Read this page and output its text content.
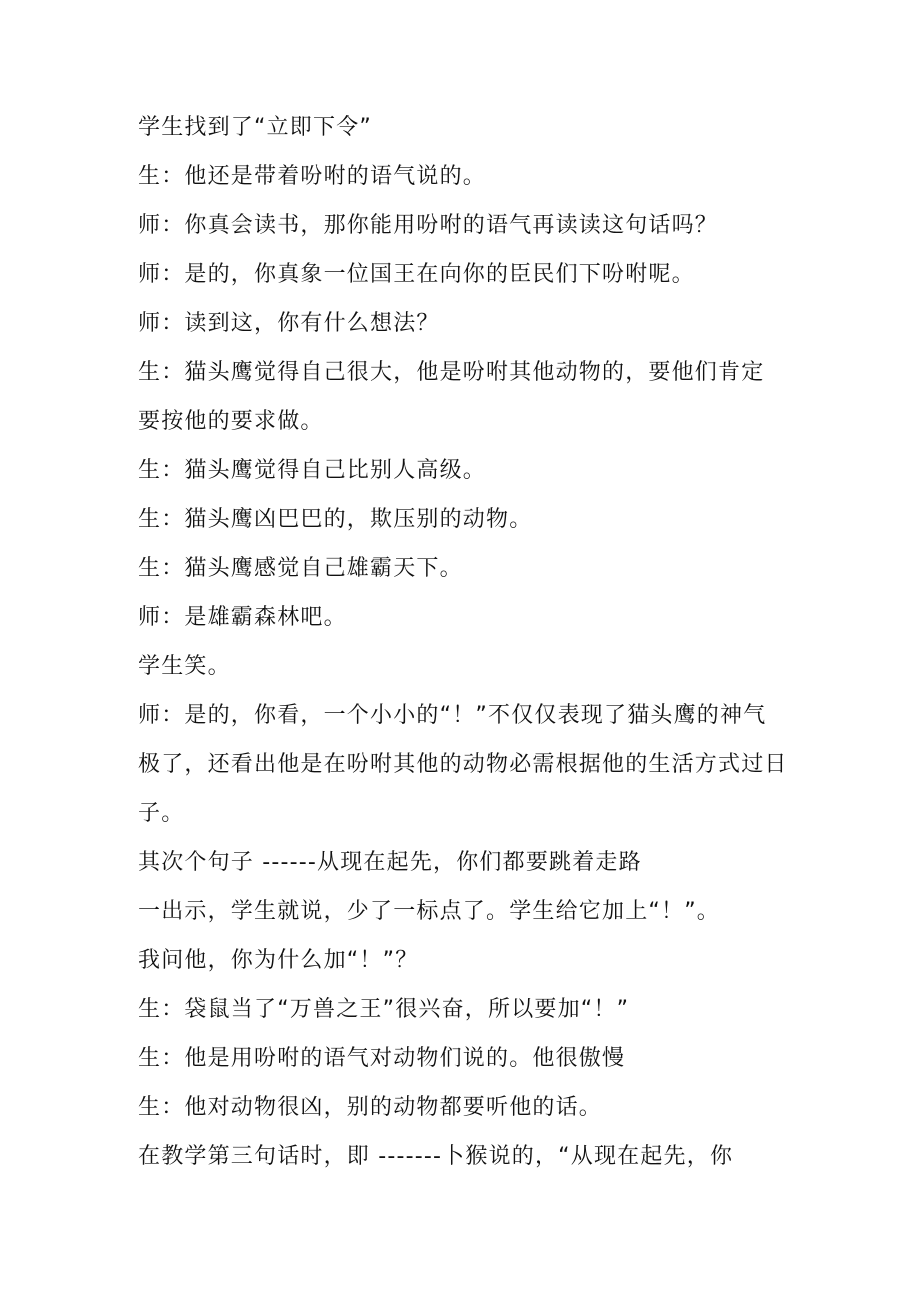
学生找到了“立即下令”
生：他还是带着吩咐的语气说的。
师：你真会读书，那你能用吩咐的语气再读读这句话吗？
师：是的，你真象一位国王在向你的臣民们下吩咐呢。
师：读到这，你有什么想法？
生：猫头鹰觉得自己很大，他是吩咐其他动物的，要他们肯定
要按他的要求做。
生：猫头鹰觉得自己比别人高级。
生：猫头鹰凶巴巴的，欺压别的动物。
生：猫头鹰感觉自己雄霸天下。
师：是雄霸森林吧。
学生笑。
师：是的，你看，一个小小的“！”不仅仅表现了猫头鹰的神气
极了，还看出他是在吩咐其他的动物必需根据他的生活方式过日
子。
其次个句子 ------从现在起先，你们都要跳着走路
一出示，学生就说，少了一标点了。学生给它加上“！”。
我问他，你为什么加“！”？
生：袋鼠当了“万兽之王”很兴奋，所以要加“！”
生：他是用吩咐的语气对动物们说的。他很傲慢
生：他对动物很凶，别的动物都要听他的话。
在教学第三句话时，即 -------卜猴说的，“从现在起先，你
